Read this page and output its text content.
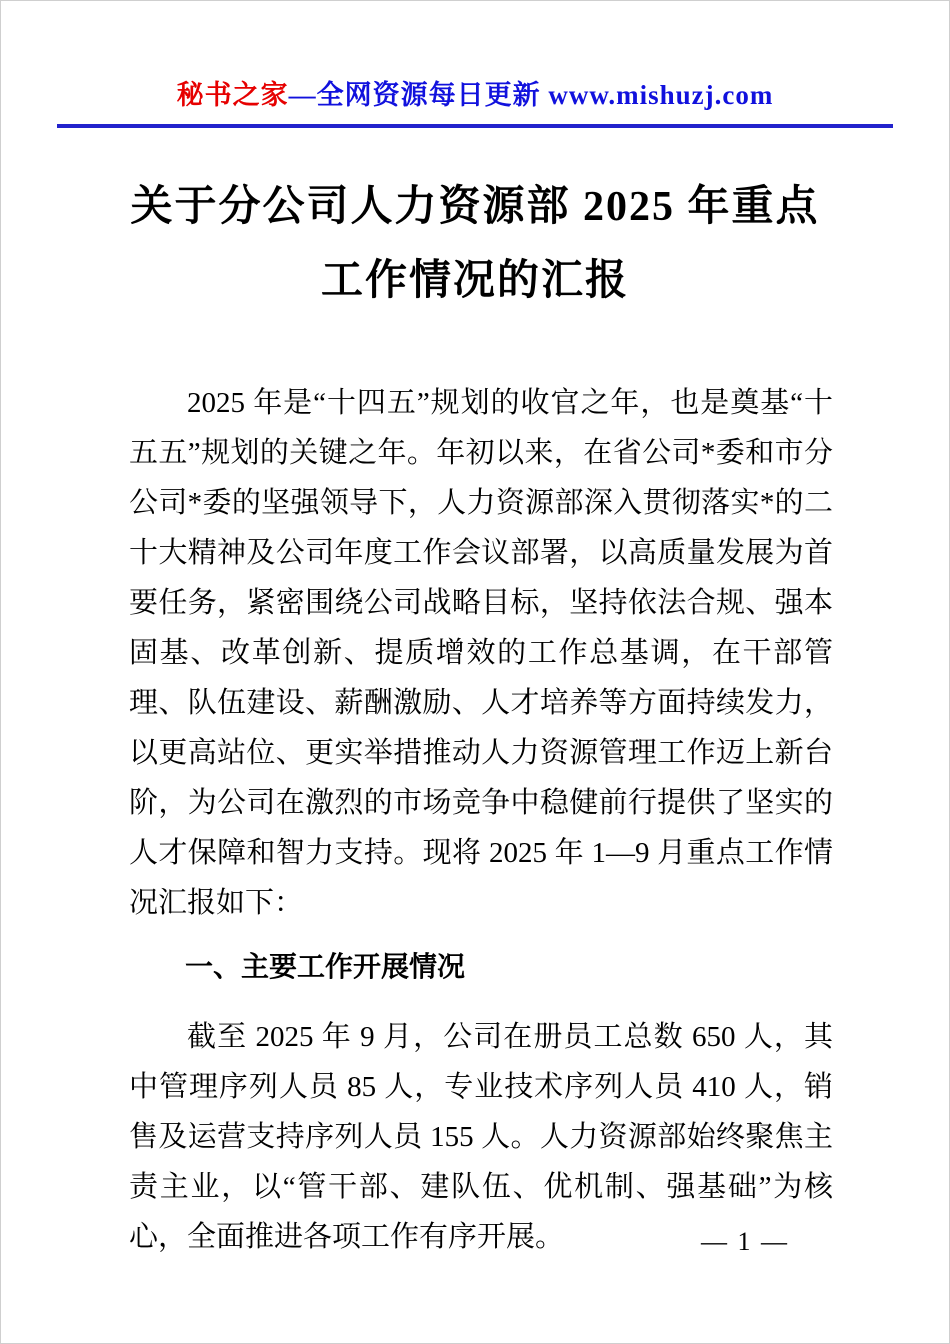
秘书之家—全网资源每日更新 www.mishuzj.com
关于分公司人力资源部 2025 年重点
工作情况的汇报

2025 年是“十四五”规划的收官之年，也是奠基“十五五”规划的关键之年。年初以来，在省公司*委和市分公司*委的坚强领导下，人力资源部深入贯彻落实*的二十大精神及公司年度工作会议部署，以高质量发展为首要任务，紧密围绕公司战略目标，坚持依法合规、强本固基、改革创新、提质增效的工作总基调，在干部管理、队伍建设、薪酬激励、人才培养等方面持续发力，以更高站位、更实举措推动人力资源管理工作迈上新台阶，为公司在激烈的市场竞争中稳健前行提供了坚实的人才保障和智力支持。现将 2025 年 1—9 月重点工作情况汇报如下：

一、主要工作开展情况

截至 2025 年 9 月，公司在册员工总数 650 人，其中管理序列人员 85 人，专业技术序列人员 410 人，销售及运营支持序列人员 155 人。人力资源部始终聚焦主责主业，以“管干部、建队伍、优机制、强基础”为核心，全面推进各项工作有序开展。	— 1 —
